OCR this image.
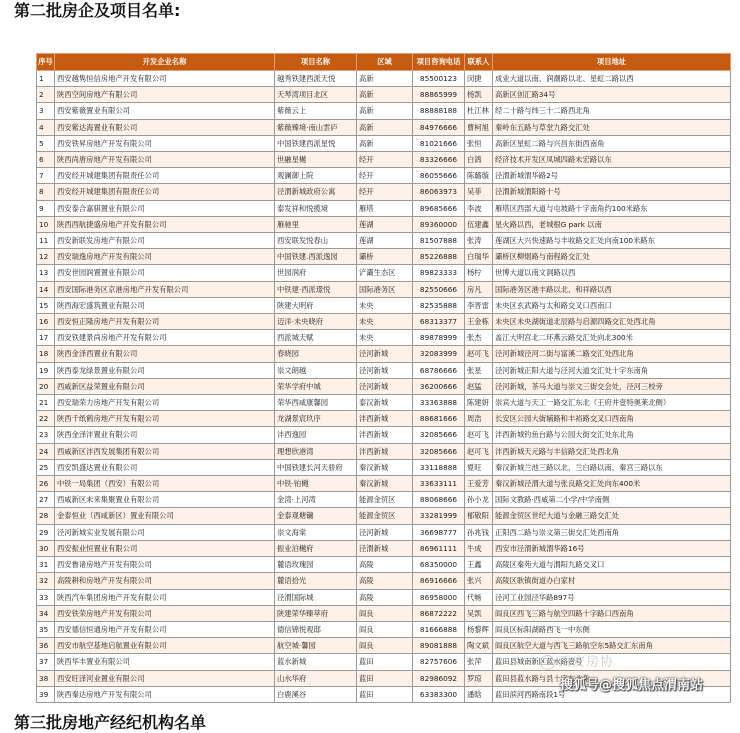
第二批房企及项目名单:
序号	开发企业名称	项目名称	区域	项目咨询电话	联系人	项目地址
1	西安越隽恒信房地产开发有限公司	越秀铁建西派天悦	高新	85500123	闵捷	成业大道以南、润潮路以北、星虹二路以西
2	陕西空间房地产有限公司	天琴湾项目北区	高新	88865999	杨凯	高新区创汇路34号
3	西安紫薇置业有限公司	紫薇云上	高新	88888188	杜江林	经二十路与纬三十二路西北角
4	西安紫达海置业有限公司	紫薇臻境·南山雲庐	高新	84976666	曹柯旭	秦岭东五路与草堂九路交汇处
5	西安铁昇房地产开发有限公司	中国铁建西派星悦	高新	81021666	张恒	高新区星虹二路与兴昌东街西南角
6	陕西尚唐房地产开发有限公司	世融星樾	经开	83326666	白鸽	经济技术开发区凤城四路未宏路以东
7	西安经开城建集团有限责任公司	观澜御上院	经开	86055666	陈璐璇	泾渭新城渭华路2号
8	西安经开城建集团有限责任公司	泾渭新城政府公寓	经开	86063973	吴菲	泾渭新城渭阳路十号
9	西安泰合嘉骐置业有限公司	泰发祥和悦揽境	雁塔	89685666	李波	雁塔区西部大道与屯坡路十字南角约100米路东
10	陕西西航捷盛房地产开发有限公司	雁驰里	莲湖	89360000	伍建鑫	星火路以西，老城根G park 以南
11	西安新联发房地产有限公司	西安联发悦春山	莲湖	81507888	张涛	莲湖区大兴快速路与丰收路交汇处向南100米路东
12	西安瑞逸房地产开发有限公司	中国铁建.西派逸园	灞桥	85226888	白瑞华	灞桥区柳烟路与南程路交汇处
13	西安世园润置置业有限公司	世园润府	浐灞生态区	89823333	杨柠	世博大道以南文洞路以西
14	西安国际港务区京港房地产开发有限公司	中铁建·西派璟悦	国际港务区	82550666	房凡	国际港务区港丰路以北、和祥路以西
15	陕西海宏盛筑置业有限公司	陕建大明府	未央	82535888	李晋雷	未央区玄武路与太和路交叉口西南口
16	西安恒正隆房地产开发有限公司	迈洋·未央晓府	未央	68313377	王金栋	未央区未央湖街道北辰路与启源四路交汇处西北角
17	西安铁建景尚房地产开发有限公司	西派城天赋	未央	89878999	张杰	盖江大明宫北二环燕云路交汇处向北300米
18	陕西金泽西置业有限公司	春晓园	泾河新城	32083999	赵可飞	泾河新城泾河二街与富溪二路交汇处西北角
19	陕西泰龙绿景置业有限公司	崇文朗越	泾河新城	68786666	张星	泾河新城正阳大道与泾河大道交汇处十字东南角
20	西咸新区益荣置业有限公司	荣华学府中城	泾河新城	36200666	赵猛	泾河新城，茶马大道与崇文三街交会处，泾河三校旁
21	西安瑞荣力房地产开发有限公司	荣华西咸康馨园	泰汉新城	33363888	陈建妍	崇宾大道与天工一路交汇东北（王府井壹特奥莱北侧）
22	陕西千纸鹤房地产开发有限公司	龙湖景宸玖序	沣西新城	88681666	周浩	长安区公园大街辅路和丰裕路交叉口西南角
23	陕西金泽沣置业有限公司	沣西逸园	沣西新城	32085666	赵可飞	沣西新城钓鱼台路与公园大街交汇处东北角
24	西咸新区沣西发展集团有限公司	理想欣港湾	沣西新城	32085666	赵可飞	沣西新城天元路与丰信路交汇处西北角
25	西安凯盛达置业有限公司	中国铁建长河天骄府	秦汉新城	33118888	夏旺	秦汉新城兰池三路以北、兰白路以南、秦宫三路以东
26	中铁一局集团（西安）有限公司	中铁·铂樾	秦汉新城	33633111	王爱芳	秦汉新城泾渭大道与张良路交汇处向东400米
27	西咸新区未来集聚置业有限公司	金湾·上河湾	能源金贸区	88068666	孙小龙	国际文教路·西咸第二小学/中学南侧
28	金泰恒业（西咸新区）置业有限公司	金泰观塘镛	能源金贸区	33281999	郁敬阳	能源金贸区世纪大道与金融三路交汇处
29	泾河新城实业发展有限公司	崇文海棠	泾河新城	36698777	孙兆钱	正阳西二路与崇文第三街交汇处西南角
30	西安振业恒置业有限公司	振业泊樾府	泾渭新城	86961111	牛成	西安市泾渭新城渭华路16号
31	西安鲁诸房地产开发有限公司	麓语玫瑰园	高陵	68350000	王鑫	高陵区秦苑大道与渭阳九路交叉口
32	高陵耕和房地产开发有限公司	麓语拾光	高陵	86916666	张兴	高陵区耿镇街道办白家村
33	陕西汽车集团房地产开发有限公司	泾渭国际城	高陵	86958000	代畅	泾河工业园泾华路897号
34	西安铁荣房地产开发有限公司	陕建荣华臻萃府	阎良	86872222	吴凯	阎良区西飞三路与航空四路十字路口西南角
35	西安德信恒通房地产开发有限公司	德信锦悦观邸	阎良	81666888	杨黎辉	阎良区标阳湖路西飞一中东侧
36	西安市航空基地启航置业有限公司	航空城·馨园	阎良	89081888	陶文斌	阎良区航空大道与西飞三路航空东5路交汇东南角
37	陕西华丰置业有限公司	蓝水新城	蓝田	82757606	张萍	蓝田县城南新区蓝水路壹号
38	西安旺泽河业置业有限公司	山水华府	蓝田	82986092	罗琼	蓝田县蓝水路与县十字东北角
39	陕西秦达房地产开发有限公司	白鹿溪谷	蓝田	63383300	潘晗	蓝田滨河西路南段1号
西安房协
搜狐号@搜狐焦点渭南站
第三批房地产经纪机构名单
